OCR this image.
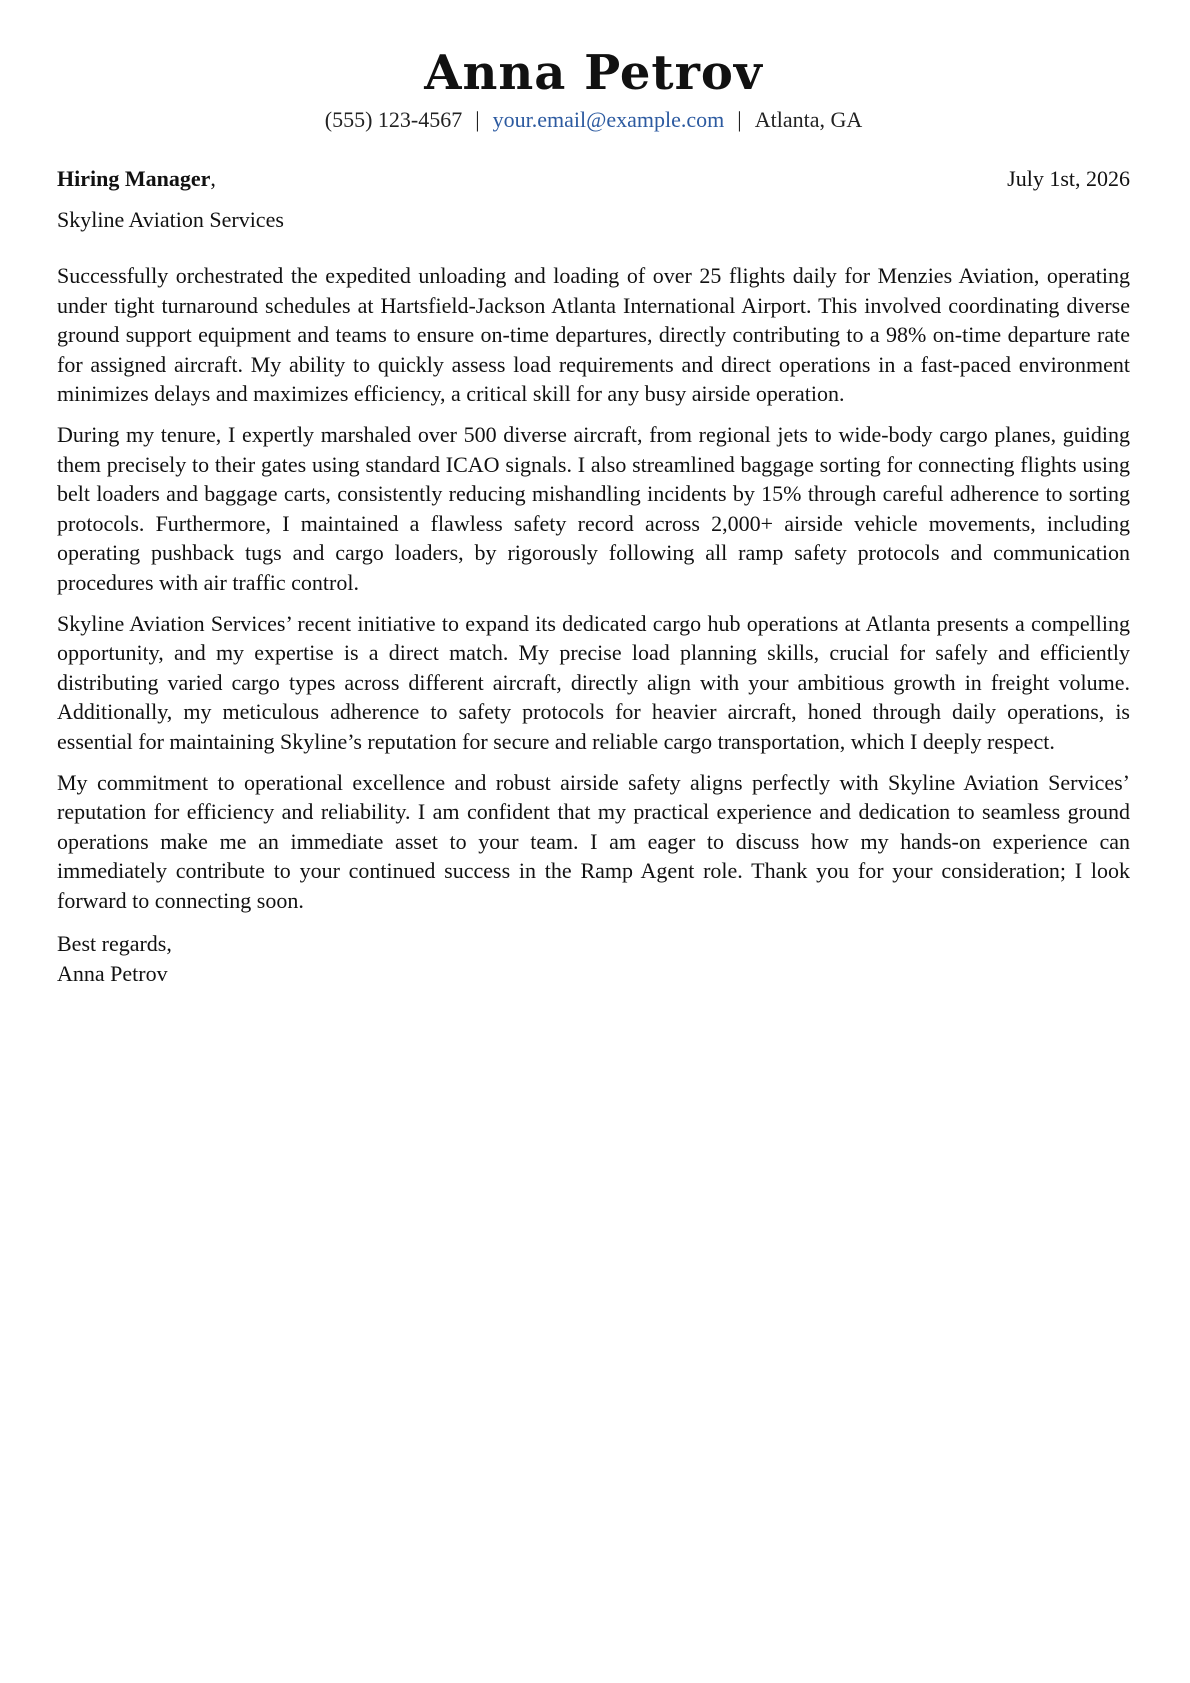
Anna Petrov
(555) 123-4567 | your.email@example.com | Atlanta, GA
Hiring Manager,	July 1st, 2026
Skyline Aviation Services

Successfully orchestrated the expedited unloading and loading of over 25 flights daily for Menzies Aviation, operating under tight turnaround schedules at Hartsfield-Jackson Atlanta International Airport. This involved coordinating diverse ground support equipment and teams to ensure on-time departures, directly contributing to a 98% on-time departure rate for assigned aircraft. My ability to quickly assess load requirements and direct operations in a fast-paced environment minimizes delays and maximizes efficiency, a critical skill for any busy airside operation.

During my tenure, I expertly marshaled over 500 diverse aircraft, from regional jets to wide-body cargo planes, guiding them precisely to their gates using standard ICAO signals. I also streamlined baggage sorting for connecting flights using belt loaders and baggage carts, consistently reducing mishandling incidents by 15% through careful adherence to sorting protocols. Furthermore, I maintained a flawless safety record across 2,000+ airside vehicle movements, including operating pushback tugs and cargo loaders, by rigorously following all ramp safety protocols and communication procedures with air traffic control.

Skyline Aviation Services’ recent initiative to expand its dedicated cargo hub operations at Atlanta presents a compelling opportunity, and my expertise is a direct match. My precise load planning skills, crucial for safely and efficiently distributing varied cargo types across different aircraft, directly align with your ambitious growth in freight volume. Additionally, my meticulous adherence to safety protocols for heavier aircraft, honed through daily operations, is essential for maintaining Skyline’s reputation for secure and reliable cargo transportation, which I deeply respect.

My commitment to operational excellence and robust airside safety aligns perfectly with Skyline Aviation Services’ reputation for efficiency and reliability. I am confident that my practical experience and dedication to seamless ground operations make me an immediate asset to your team. I am eager to discuss how my hands-on experience can immediately contribute to your continued success in the Ramp Agent role. Thank you for your consideration; I look forward to connecting soon.

Best regards,
Anna Petrov
